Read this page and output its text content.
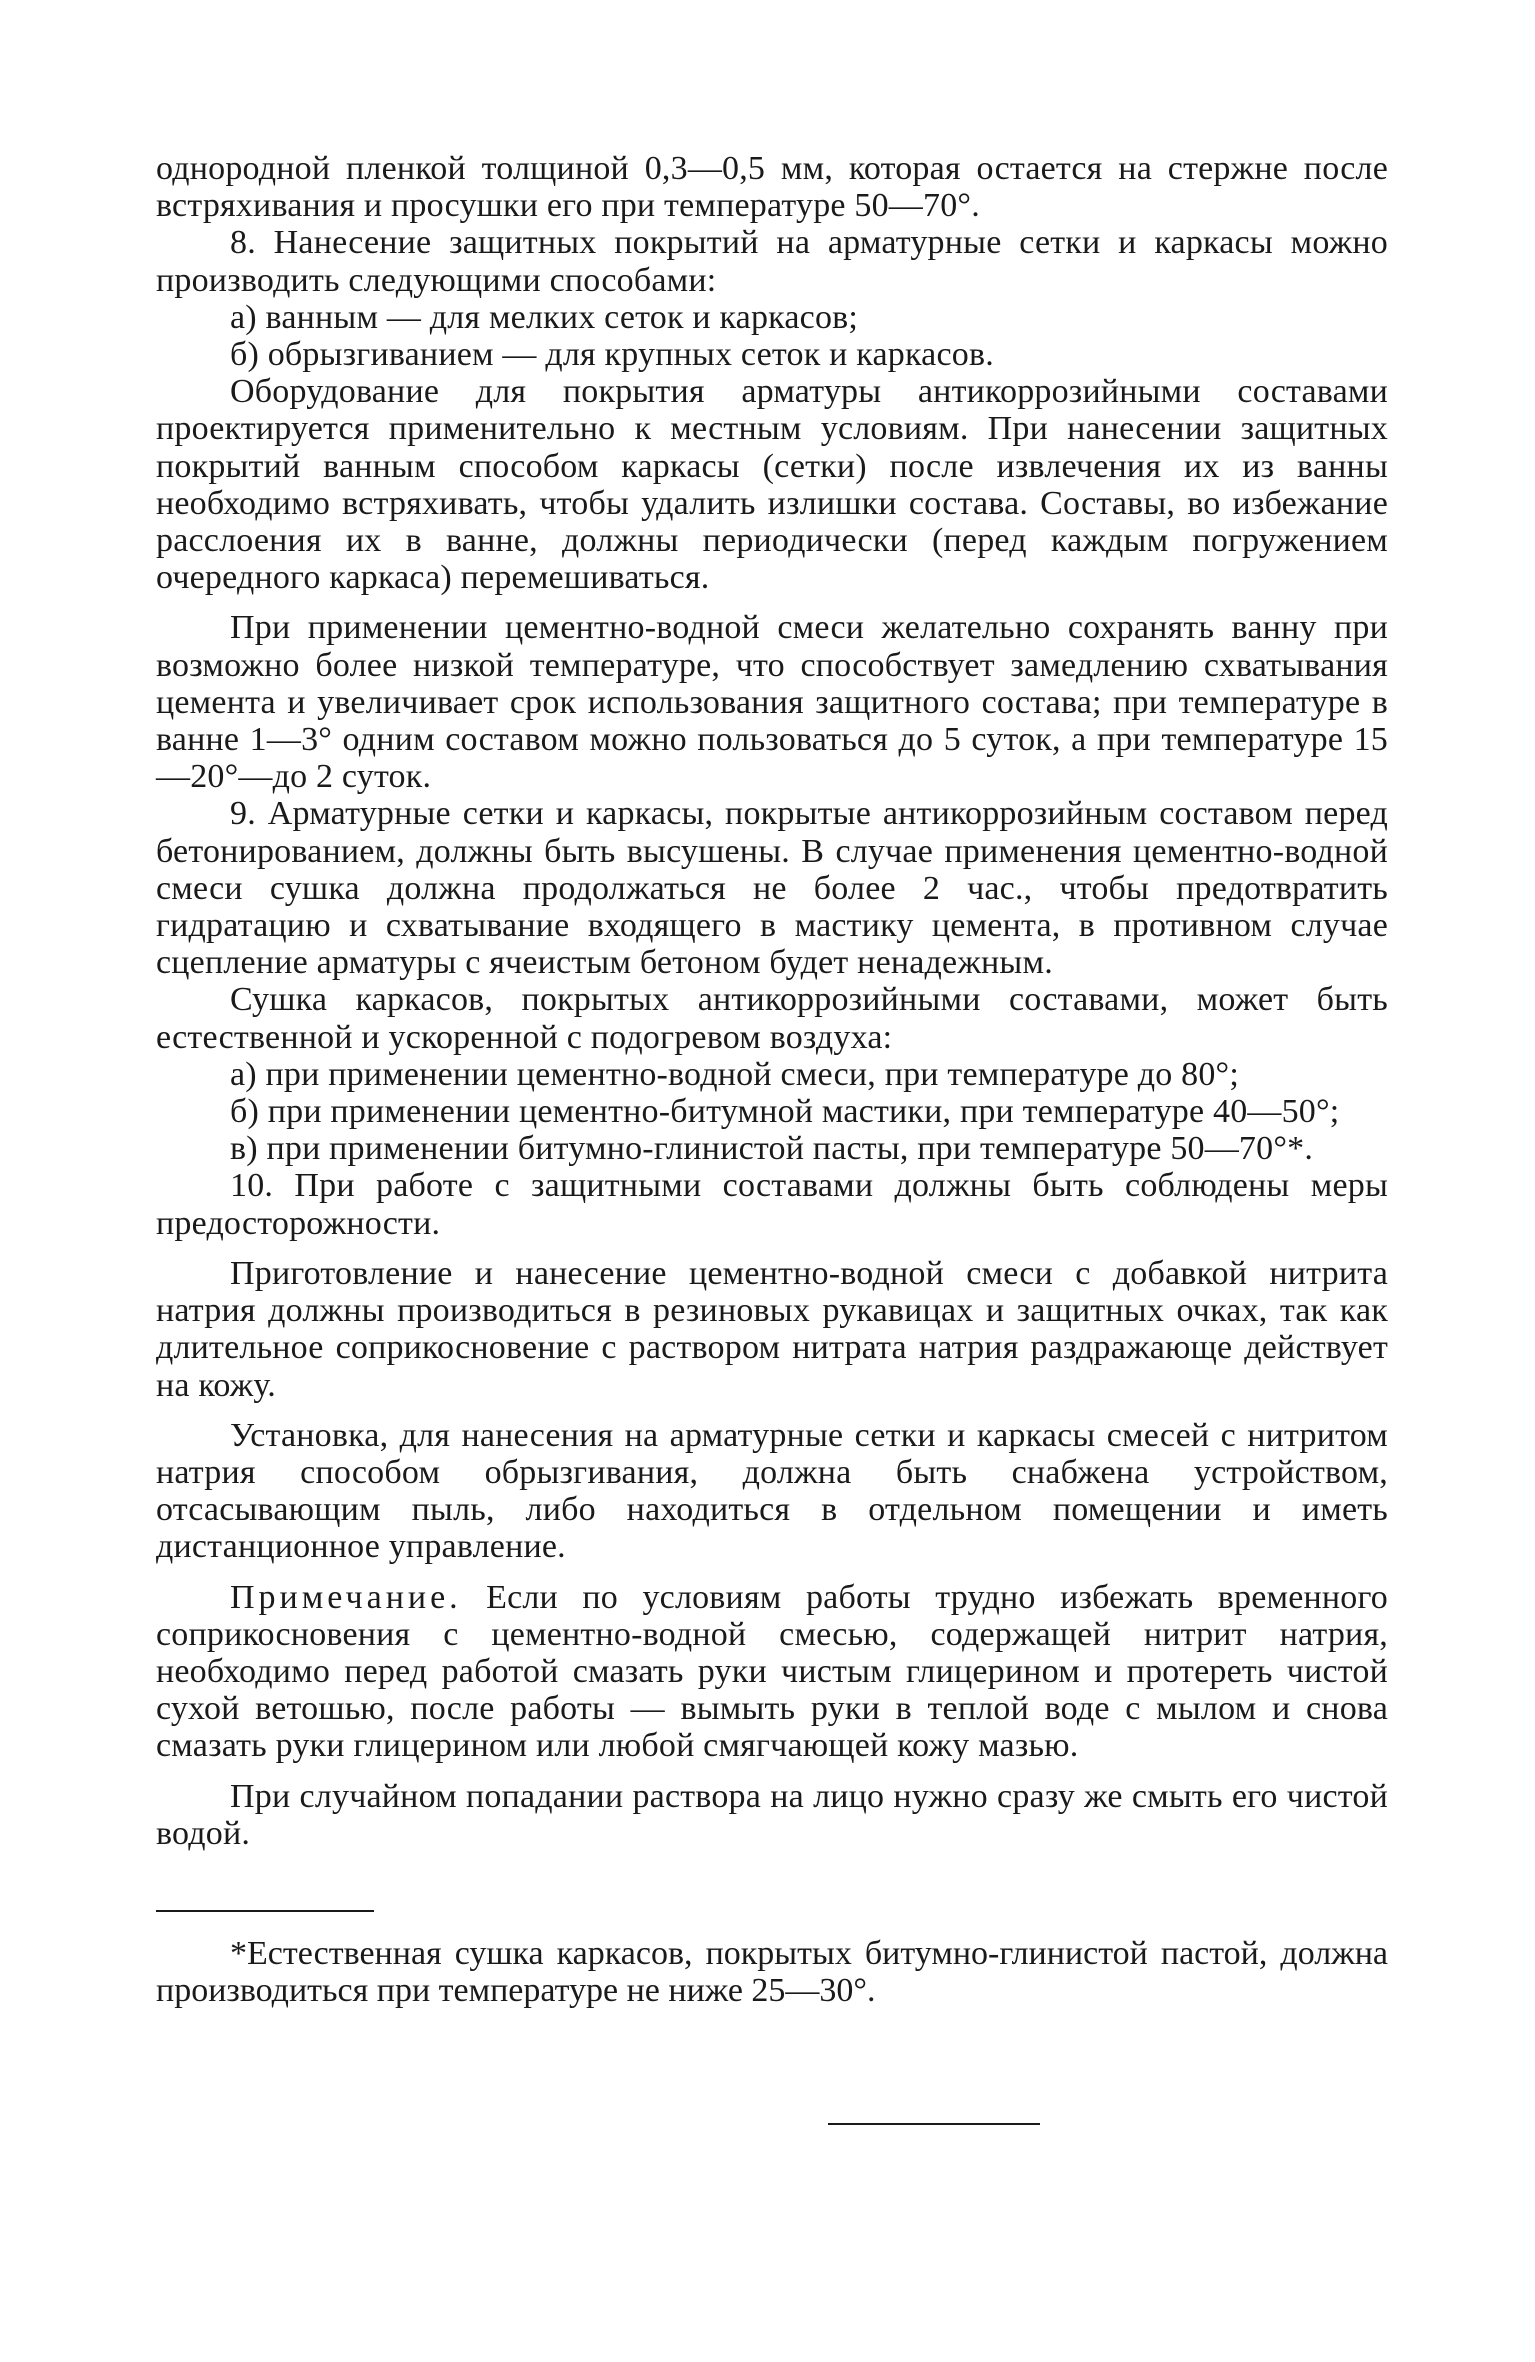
однородной пленкой толщиной 0,3—0,5 мм, которая остается на стержне после встряхивания и просушки его при температуре 50—70°.

8. Нанесение защитных покрытий на арматурные сетки и каркасы можно производить следующими способами:

а) ванным — для мелких сеток и каркасов;

б) обрызгиванием — для крупных сеток и каркасов.

Оборудование для покрытия арматуры антикоррозийными составами проектируется применительно к местным условиям. При нанесении защитных покрытий ванным способом каркасы (сетки) после извлечения их из ванны необходимо встряхивать, чтобы удалить излишки состава. Составы, во избежание расслоения их в ванне, должны периодически (перед каждым погружением очередного каркаса) перемешиваться.

При применении цементно-водной смеси желательно сохранять ванну при возможно более низкой температуре, что способствует замедлению схватывания цемента и увеличивает срок использования защитного состава; при температуре в ванне 1—3° одним составом можно пользоваться до 5 суток, а при температуре 15—20°—до 2 суток.

9. Арматурные сетки и каркасы, покрытые антикоррозийным составом перед бетонированием, должны быть высушены. В случае применения цементно-водной смеси сушка должна продолжаться не более 2 час., чтобы предотвратить гидратацию и схватывание входящего в мастику цемента, в противном случае сцепление арматуры с ячеистым бетоном будет ненадежным.

Сушка каркасов, покрытых антикоррозийными составами, может быть естественной и ускоренной с подогревом воздуха:

а) при применении цементно-водной смеси, при температуре до 80°;

б) при применении цементно-битумной мастики, при температуре 40—50°;

в) при применении битумно-глинистой пасты, при температуре 50—70°*.

10. При работе с защитными составами должны быть соблюдены меры предосторожности.

Приготовление и нанесение цементно-водной смеси с добавкой нитрита натрия должны производиться в резиновых рукавицах и защитных очках, так как длительное соприкосновение с раствором нитрата натрия раздражающе действует на кожу.

Установка, для нанесения на арматурные сетки и каркасы смесей с нитритом натрия способом обрызгивания, должна быть снабжена устройством, отсасывающим пыль, либо находиться в отдельном помещении и иметь дистанционное управление.

Примечание. Если по условиям работы трудно избежать временного соприкосновения с цементно-водной смесью, содержащей нитрит натрия, необходимо перед работой смазать руки чистым глицерином и протереть чистой сухой ветошью, после работы — вымыть руки в теплой воде с мылом и снова смазать руки глицерином или любой смягчающей кожу мазью.

При случайном попадании раствора на лицо нужно сразу же смыть его чистой водой.

*Естественная сушка каркасов, покрытых битумно-глинистой пастой, должна производиться при температуре не ниже 25—30°.
